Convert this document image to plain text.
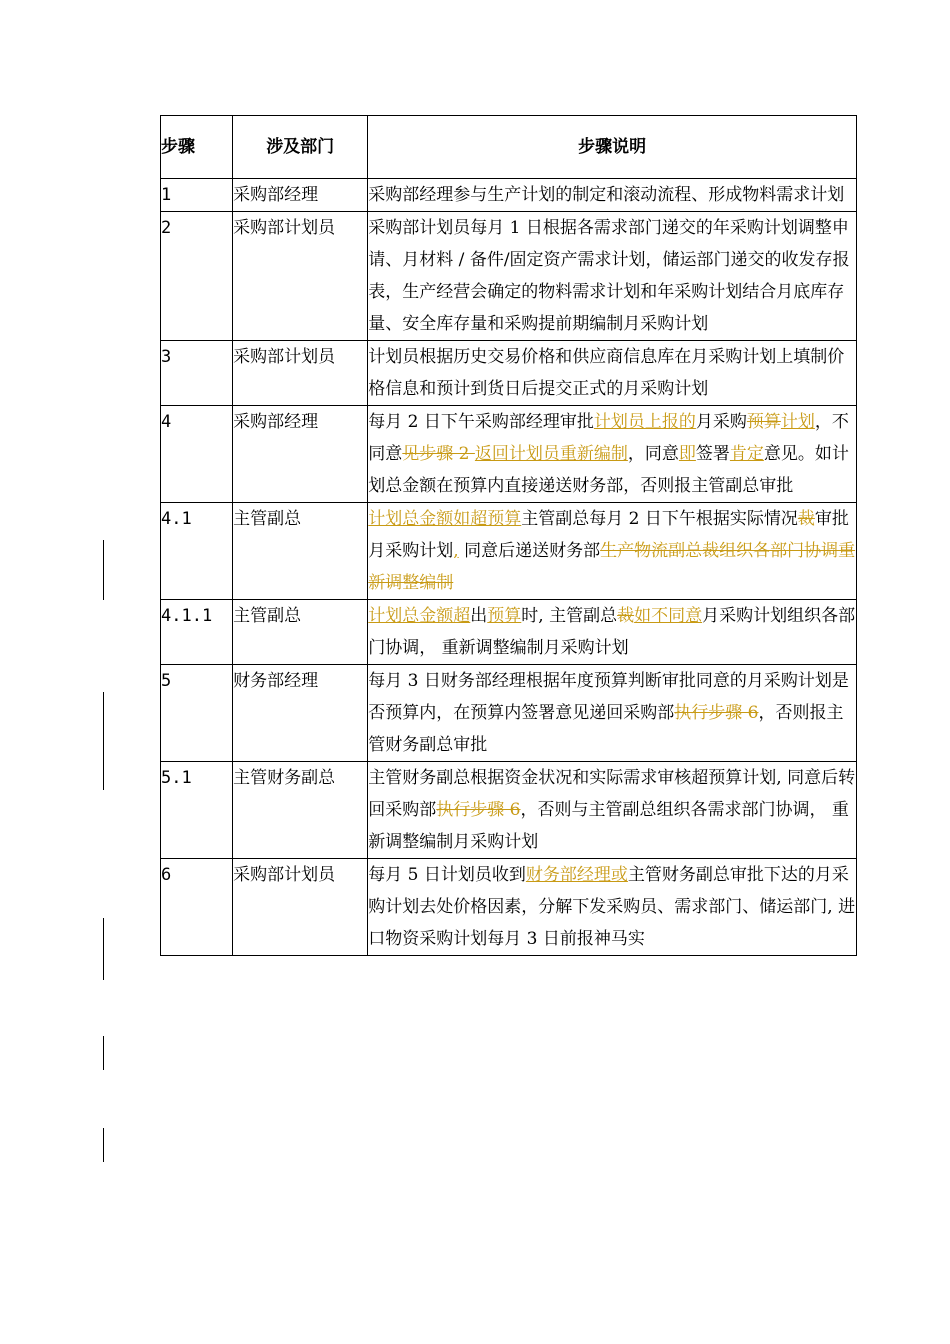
步骤	涉及部门	步骤说明
1	采购部经理	采购部经理参与生产计划的制定和滚动流程、形成物料需求计划
2	采购部计划员	采购部计划员每月 1 日根据各需求部门递交的年采购计划调整申请、月材料 / 备件/固定资产需求计划，储运部门递交的收发存报表，生产经营会确定的物料需求计划和年采购计划结合月底库存量、安全库存量和采购提前期编制月采购计划
3	采购部计划员	计划员根据历史交易价格和供应商信息库在月采购计划上填制价格信息和预计到货日后提交正式的月采购计划
4	采购部经理	每月 2 日下午采购部经理审批计划员上报的月采购预算计划，不同意见步骤 2 返回计划员重新编制，同意即签署肯定意见。如计划总金额在预算内直接递送财务部，否则报主管副总审批
4.1	主管副总	计划总金额如超预算主管副总每月 2 日下午根据实际情况裁审批月采购计划, 同意后递送财务部生产物流副总裁组织各部门协调重新调整编制
4.1.1	主管副总	计划总金额超出预算时, 主管副总裁如不同意月采购计划组织各部门协调， 重新调整编制月采购计划
5	财务部经理	每月 3 日财务部经理根据年度预算判断审批同意的月采购计划是否预算内，在预算内签署意见递回采购部执行步骤 6，否则报主管财务副总审批
5.1	主管财务副总	主管财务副总根据资金状况和实际需求审核超预算计划, 同意后转回采购部执行步骤 6，否则与主管副总组织各需求部门协调， 重新调整编制月采购计划
6	采购部计划员	每月 5 日计划员收到财务部经理或主管财务副总审批下达的月采购计划去处价格因素，分解下发采购员、需求部门、储运部门, 进口物资采购计划每月 3 日前报神马实
